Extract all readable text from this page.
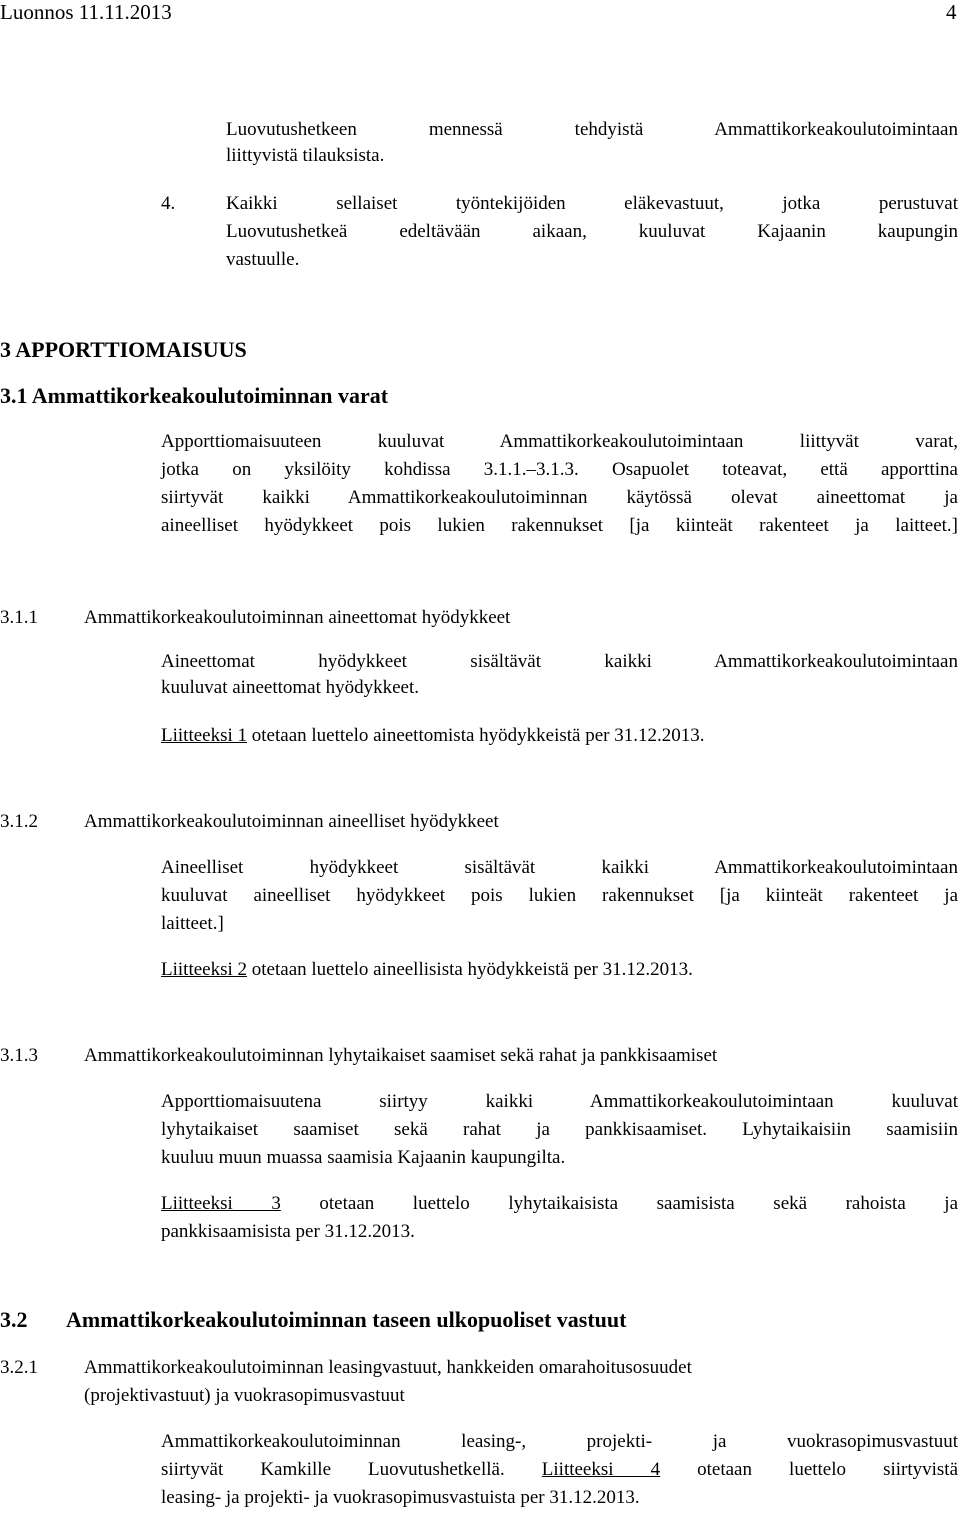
Luonnos 11.11.2013	4
Luovutushetkeen mennessä tehdyistä Ammattikorkeakoulutoimintaan
liittyvistä tilauksista.
4.	Kaikki sellaiset työntekijöiden eläkevastuut, jotka perustuvat
Luovutushetkeä edeltävään aikaan, kuuluvat Kajaanin kaupungin
vastuulle.
3 APPORTTIOMAISUUS
3.1 Ammattikorkeakoulutoiminnan varat
Apporttiomaisuuteen kuuluvat Ammattikorkeakoulutoimintaan liittyvät varat,
jotka on yksilöity kohdissa 3.1.1.–3.1.3. Osapuolet toteavat, että apporttina
siirtyvät kaikki Ammattikorkeakoulutoiminnan käytössä olevat aineettomat ja
aineelliset hyödykkeet pois lukien rakennukset [ja kiinteät rakenteet ja laitteet.]
3.1.1 Ammattikorkeakoulutoiminnan aineettomat hyödykkeet
Aineettomat hyödykkeet sisältävät kaikki Ammattikorkeakoulutoimintaan
kuuluvat aineettomat hyödykkeet.
Liitteeksi 1 otetaan luettelo aineettomista hyödykkeistä per 31.12.2013.
3.1.2 Ammattikorkeakoulutoiminnan aineelliset hyödykkeet
Aineelliset hyödykkeet sisältävät kaikki Ammattikorkeakoulutoimintaan
kuuluvat aineelliset hyödykkeet pois lukien rakennukset [ja kiinteät rakenteet ja
laitteet.]
Liitteeksi 2 otetaan luettelo aineellisista hyödykkeistä per 31.12.2013.
3.1.3 Ammattikorkeakoulutoiminnan lyhytaikaiset saamiset sekä rahat ja pankkisaamiset
Apporttiomaisuutena siirtyy kaikki Ammattikorkeakoulutoimintaan kuuluvat
lyhytaikaiset saamiset sekä rahat ja pankkisaamiset. Lyhytaikaisiin saamisiin
kuuluu muun muassa saamisia Kajaanin kaupungilta.
Liitteeksi 3 otetaan luettelo lyhytaikaisista saamisista sekä rahoista ja
pankkisaamisista per 31.12.2013.
3.2 Ammattikorkeakoulutoiminnan taseen ulkopuoliset vastuut
3.2.1 Ammattikorkeakoulutoiminnan leasingvastuut, hankkeiden omarahoitusosuudet
(projektivastuut) ja vuokrasopimusvastuut
Ammattikorkeakoulutoiminnan leasing-, projekti- ja vuokrasopimusvastuut
siirtyvät Kamkille Luovutushetkellä. Liitteeksi 4 otetaan luettelo siirtyvistä
leasing- ja projekti- ja vuokrasopimusvastuista per 31.12.2013.
